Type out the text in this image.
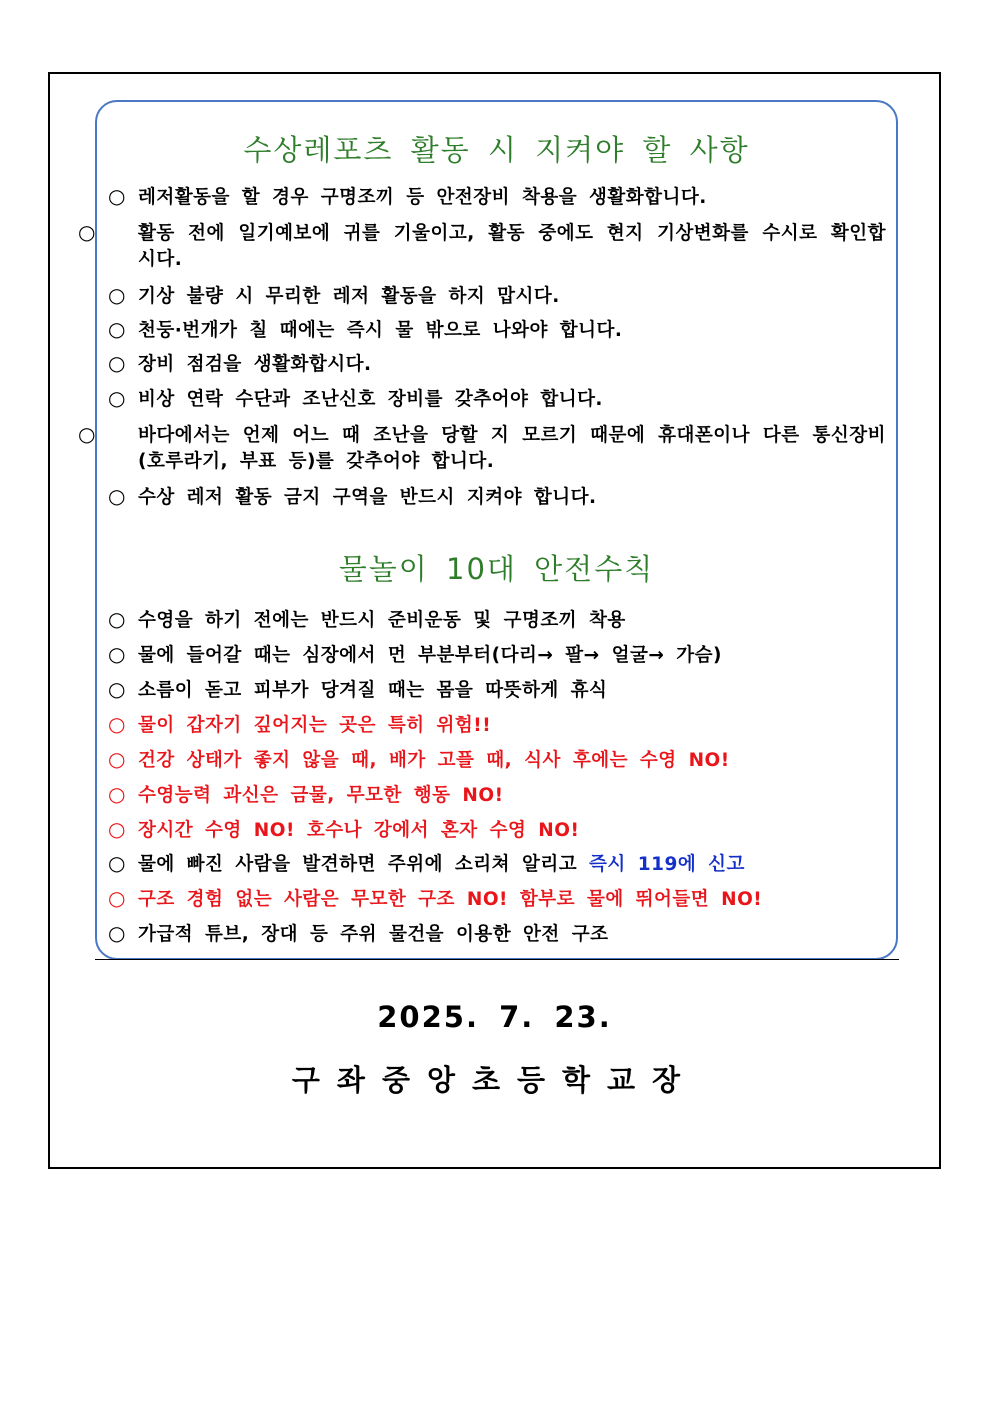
수상레포츠 활동 시 지켜야 할 사항
○ 레저활동을 할 경우 구명조끼 등 안전장비 착용을 생활화합니다.
○ 활동 전에 일기예보에 귀를 기울이고, 활동 중에도 현지 기상변화를 수시로 확인합시다.
○ 기상 불량 시 무리한 레저 활동을 하지 맙시다.
○ 천둥·번개가 칠 때에는 즉시 물 밖으로 나와야 합니다.
○ 장비 점검을 생활화합시다.
○ 비상 연락 수단과 조난신호 장비를 갖추어야 합니다.
○ 바다에서는 언제 어느 때 조난을 당할 지 모르기 때문에 휴대폰이나 다른 통신장비(호루라기, 부표 등)를 갖추어야 합니다.
○ 수상 레저 활동 금지 구역을 반드시 지켜야 합니다.
물놀이 10대 안전수칙
○ 수영을 하기 전에는 반드시 준비운동 및 구명조끼 착용
○ 물에 들어갈 때는 심장에서 먼 부분부터(다리→ 팔→ 얼굴→ 가슴)
○ 소름이 돋고 피부가 당겨질 때는 몸을 따뜻하게 휴식
○ 물이 갑자기 깊어지는 곳은 특히 위험!!
○ 건강 상태가 좋지 않을 때, 배가 고플 때, 식사 후에는 수영 NO!
○ 수영능력 과신은 금물, 무모한 행동 NO!
○ 장시간 수영 NO! 호수나 강에서 혼자 수영 NO!
○ 물에 빠진 사람을 발견하면 주위에 소리쳐 알리고 즉시 119에 신고
○ 구조 경험 없는 사람은 무모한 구조 NO! 함부로 물에 뛰어들면 NO!
○ 가급적 튜브, 장대 등 주위 물건을 이용한 안전 구조
2025. 7. 23.
구좌중앙초등학교장
